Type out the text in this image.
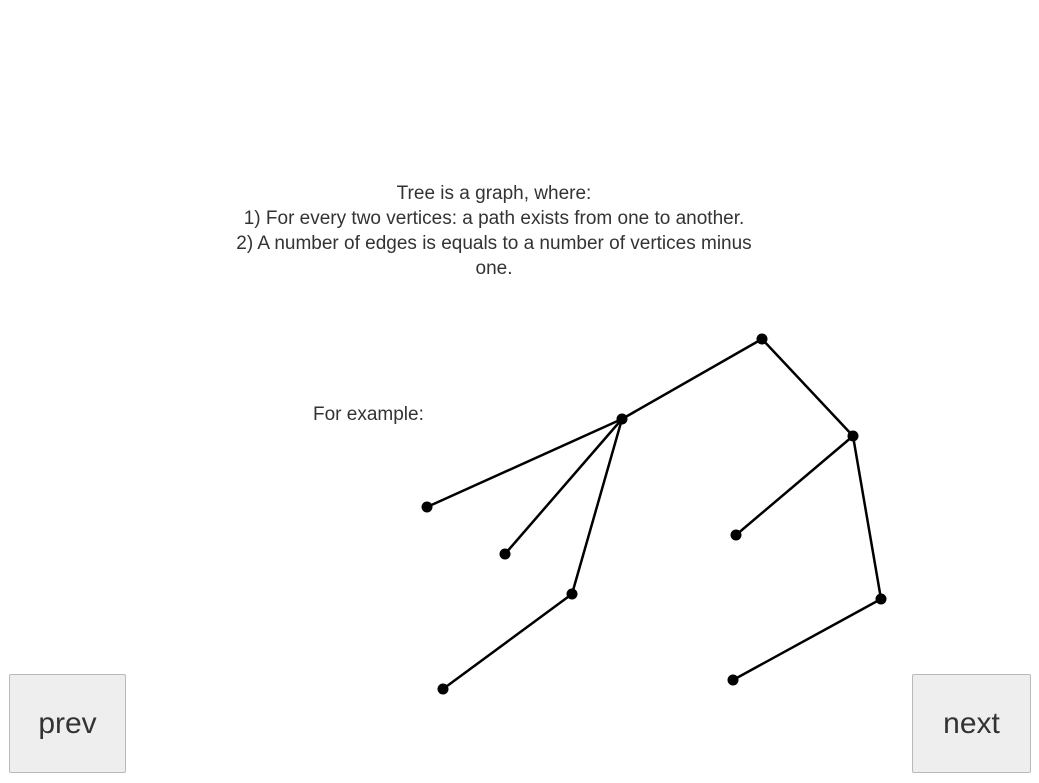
Tree is a graph, where:
1) For every two vertices: a path exists from one to another.
2) A number of edges is equals to a number of vertices minus
one.
For example:
prev	next
